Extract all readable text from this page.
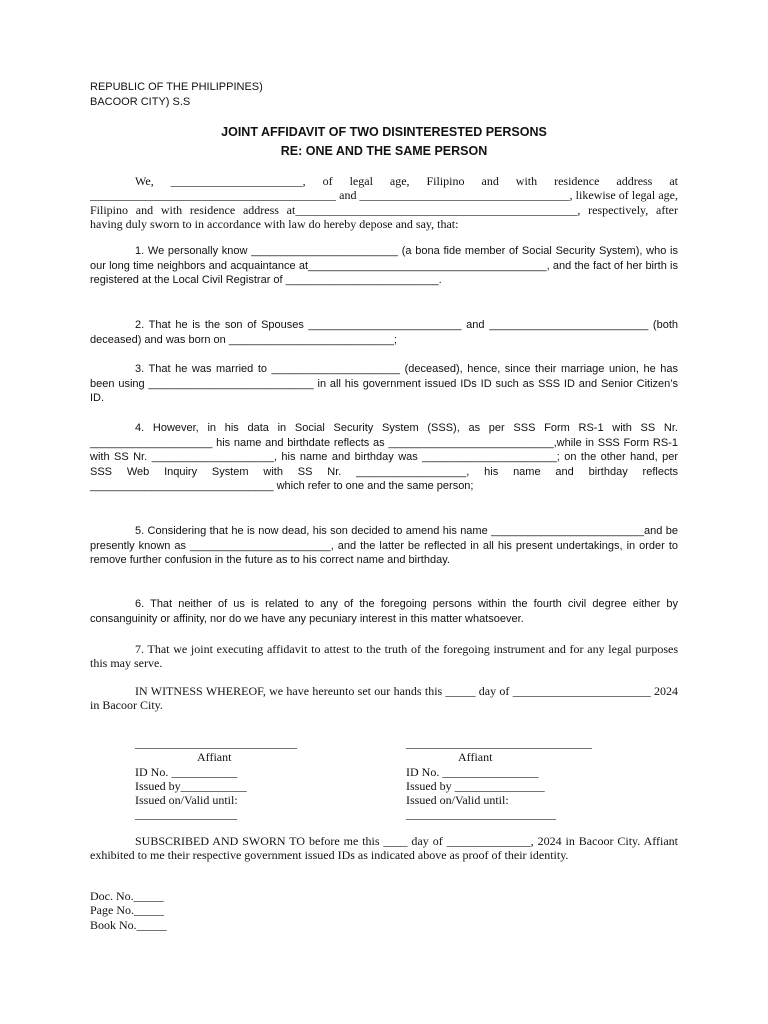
REPUBLIC OF THE PHILIPPINES)
BACOOR CITY) S.S
JOINT AFFIDAVIT OF TWO DISINTERESTED PERSONS
RE: ONE AND THE SAME PERSON

We, ______________________, of legal age, Filipino and with residence address at _________________________________________ and ___________________________________, likewise of legal age, Filipino and with residence address at_______________________________________________, respectively, after having duly sworn to in accordance with law do hereby depose and say, that:

1. We personally know ________________________ (a bona fide member of Social Security System), who is our long time neighbors and acquaintance at_______________________________________, and the fact of her birth is registered at the Local Civil Registrar of _________________________.

2. That he is the son of Spouses _________________________ and __________________________ (both deceased) and was born on ___________________________;

3. That he was married to _____________________ (deceased), hence, since their marriage union, he has been using ___________________________ in all his government issued IDs ID such as SSS ID and Senior Citizen’s ID.

4. However, in his data in Social Security System (SSS), as per SSS Form RS-1 with SS Nr. ____________________ his name and birthdate reflects as ___________________________,while in SSS Form RS-1 with SS Nr. ____________________, his name and birthday was ______________________; on the other hand, per SSS Web Inquiry System with SS Nr. __________________, his name and birthday reflects ______________________________ which refer to one and the same person;

5. Considering that he is now dead, his son decided to amend his name _________________________and be presently known as _______________________, and the latter be reflected in all his present undertakings, in order to remove further confusion in the future as to his correct name and birthday.

6. That neither of us is related to any of the foregoing persons within the fourth civil degree either by consanguinity or affinity, nor do we have any pecuniary interest in this matter whatsoever.

7. That we joint executing affidavit to attest to the truth of the foregoing instrument and for any legal purposes this may serve.

IN WITNESS WHEREOF, we have hereunto set our hands this _____ day of _______________________ 2024 in Bacoor City.

___________________________
Affiant
ID No. ___________
Issued by___________
Issued on/Valid until:
_________________
_______________________________
Affiant
ID No. ________________
Issued by _______________
Issued on/Valid until:
_________________________

SUBSCRIBED AND SWORN TO before me this ____ day of ______________, 2024 in Bacoor City. Affiant exhibited to me their respective government issued IDs as indicated above as proof of their identity.

Doc. No._____
Page No._____
Book No._____
